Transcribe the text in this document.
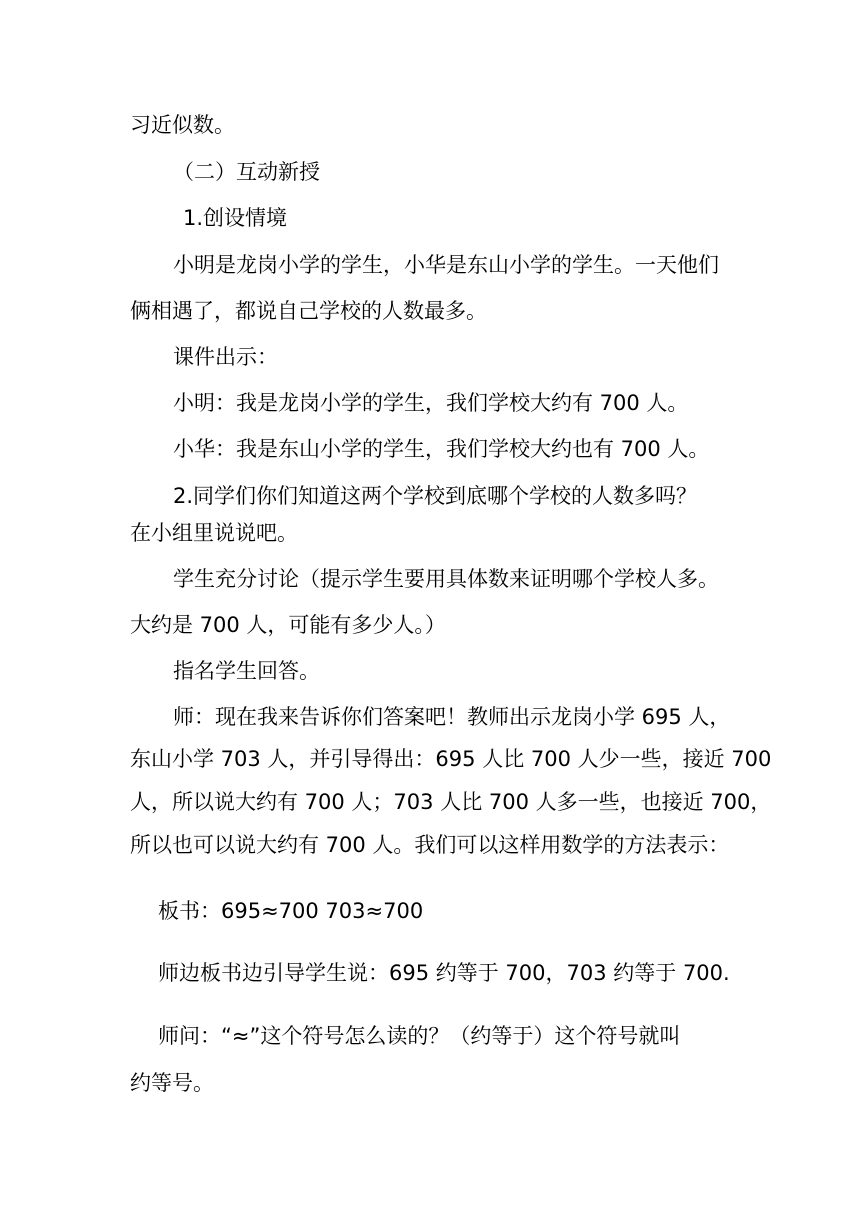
习近似数。
（二）互动新授
1.创设情境
小明是龙岗小学的学生，小华是东山小学的学生。一天他们
俩相遇了，都说自己学校的人数最多。
课件出示：
小明：我是龙岗小学的学生，我们学校大约有 700 人。
小华：我是东山小学的学生，我们学校大约也有 700 人。
2.同学们你们知道这两个学校到底哪个学校的人数多吗？
在小组里说说吧。
学生充分讨论（提示学生要用具体数来证明哪个学校人多。
大约是 700 人，可能有多少人。）
指名学生回答。
师：现在我来告诉你们答案吧！教师出示龙岗小学 695 人，
东山小学 703 人，并引导得出：695 人比 700 人少一些，接近 700
人，所以说大约有 700 人；703 人比 700 人多一些，也接近 700，
所以也可以说大约有 700 人。我们可以这样用数学的方法表示：
板书：695≈700 703≈700
师边板书边引导学生说：695 约等于 700，703 约等于 700.
师问：“≈”这个符号怎么读的？（约等于）这个符号就叫
约等号。
